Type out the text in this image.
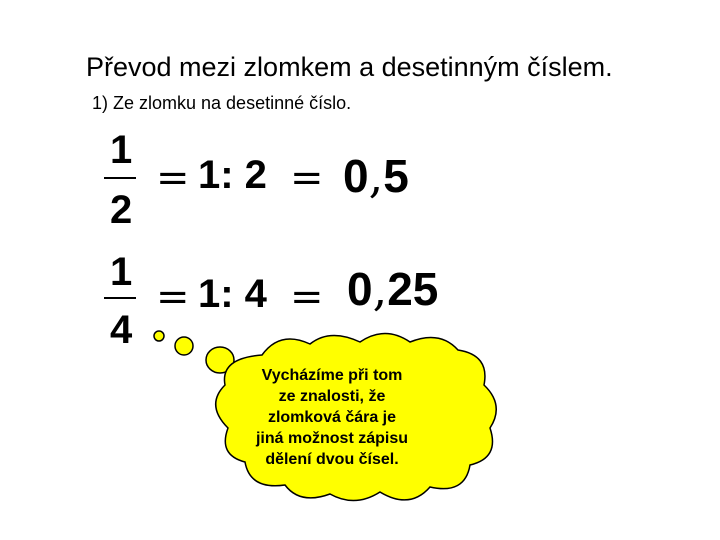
Převod mezi zlomkem a desetinným číslem.
1) Ze zlomku na desetinné číslo.
1
2
= 1: 2 = 0,5
1
4
= 1: 4 = 0,25
Vycházíme při tom
ze znalosti, že
zlomková čára je
jiná možnost zápisu
dělení dvou čísel.
